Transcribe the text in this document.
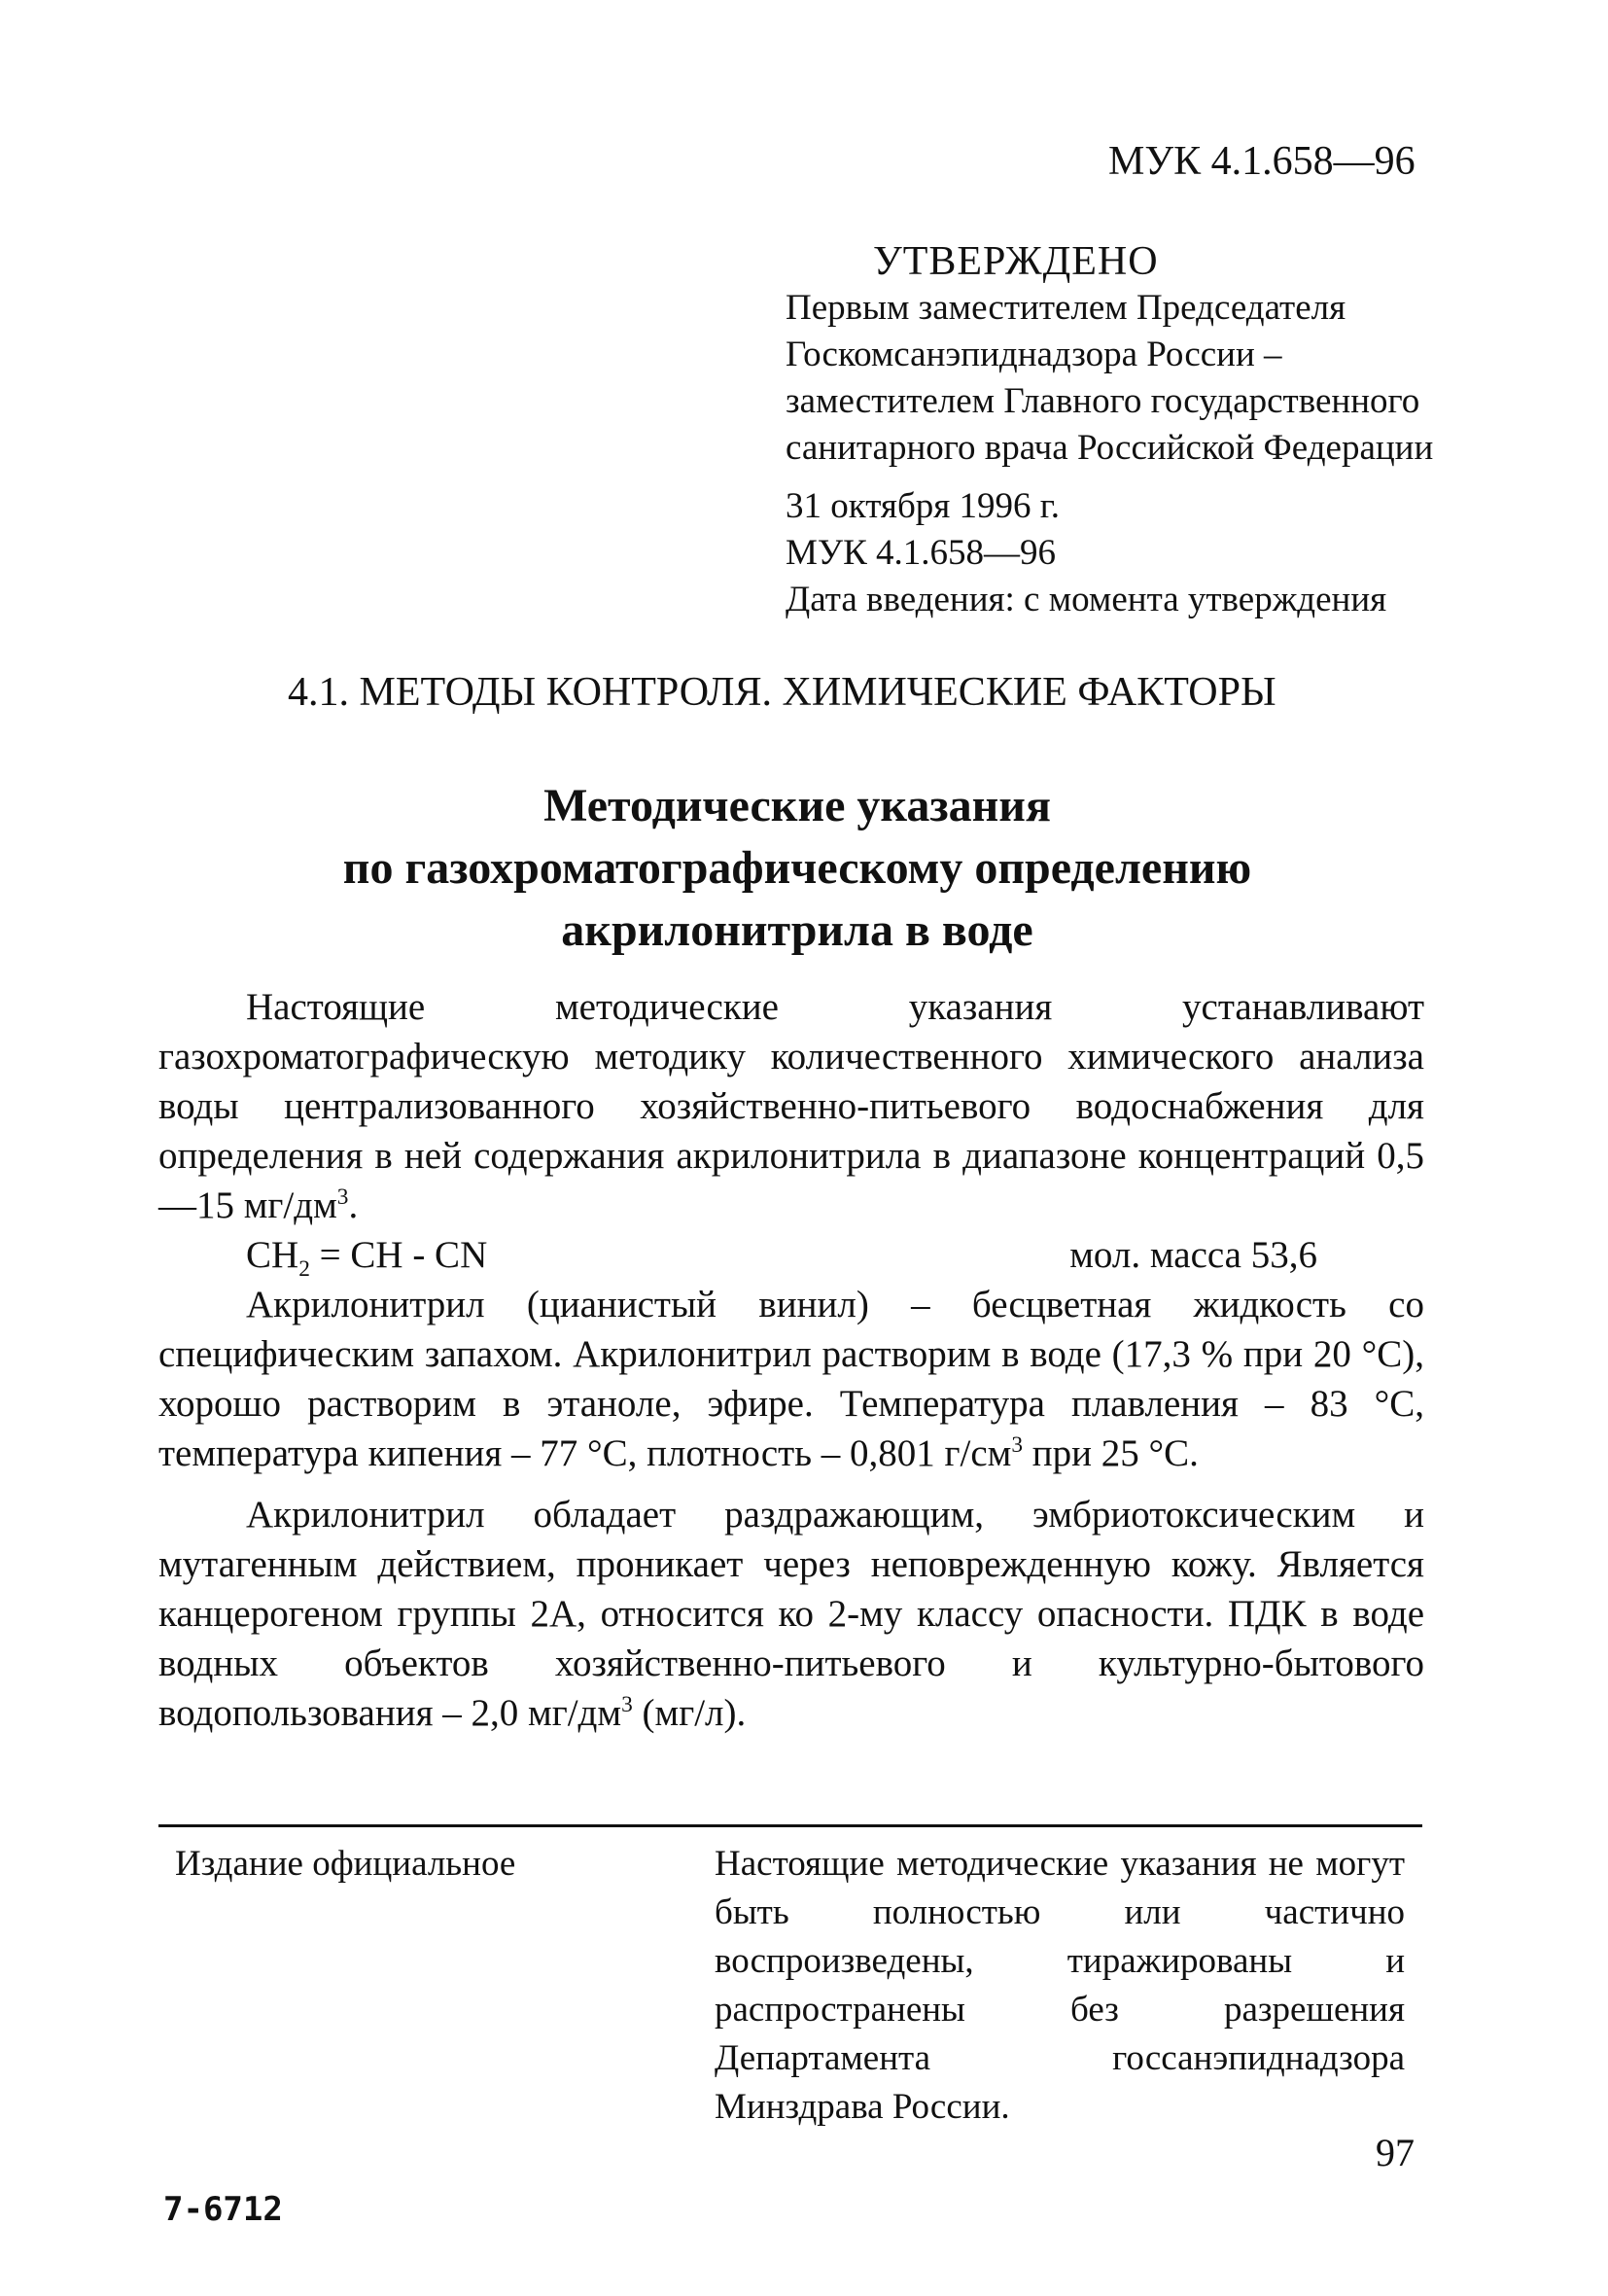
МУК 4.1.658—96
УТВЕРЖДЕНО
Первым заместителем Председателя
Госкомсанэпиднадзора России –
заместителем Главного государственного
санитарного врача Российской Федерации
31 октября 1996 г.
МУК 4.1.658—96
Дата введения: с момента утверждения
4.1. МЕТОДЫ КОНТРОЛЯ. ХИМИЧЕСКИЕ ФАКТОРЫ
Методические указания
по газохроматографическому определению
акрилонитрила в воде

Настоящие методические указания устанавливают газохроматографическую методику количественного химического анализа воды централизованного хозяйственно-питьевого водоснабжения для определения в ней содержания акрилонитрила в диапазоне концентраций 0,5—15 $мг/дм^3$.

$CH_2$ = CH - CN	мол. масса 53,6

Акрилонитрил (цианистый винил) – бесцветная жидкость со специфическим запахом. Акрилонитрил растворим в воде (17,3 % при 20 °С), хорошо растворим в этаноле, эфире. Температура плавления – 83 °С, температура кипения – 77 °С, плотность – 0,801 $г/см^3$ при 25 °С.

Акрилонитрил обладает раздражающим, эмбриотоксическим и мутагенным действием, проникает через неповрежденную кожу. Является канцерогеном группы 2А, относится ко 2-му классу опасности. ПДК в воде водных объектов хозяйственно-питьевого и культурно-бытового водопользования – 2,0 $мг/дм^3$ (мг/л).

Издание официальное	Настоящие методические указания не могут быть полностью или частично воспроизведены, тиражированы и распространены без разрешения Департамента госсанэпиднадзора Минздрава России.
97
7-6712
